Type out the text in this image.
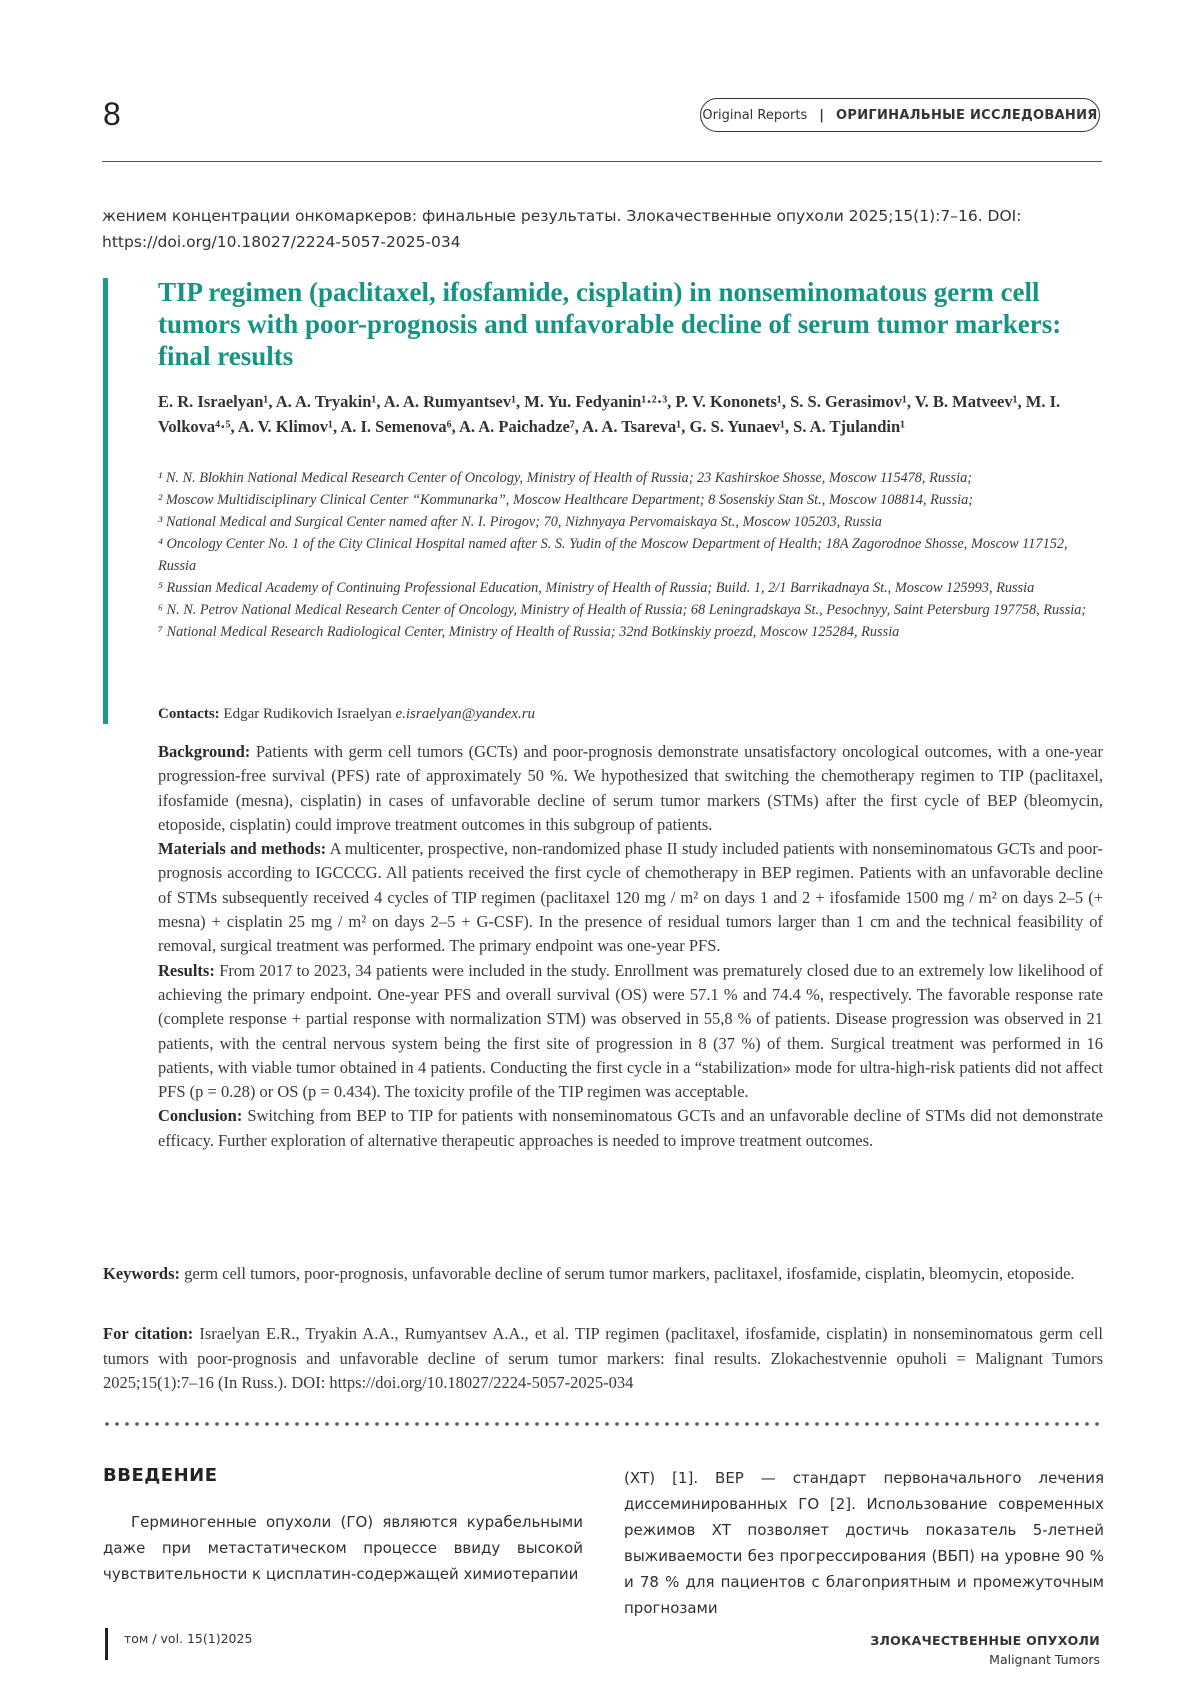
8	Original Reports | ОРИГИНАЛЬНЫЕ ИССЛЕДОВАНИЯ
жением концентрации онкомаркеров: финальные результаты. Злокачественные опухоли 2025;15(1):7–16. DOI: https://doi.org/10.18027/2224-5057-2025-034
TIP regimen (paclitaxel, ifosfamide, cisplatin) in nonseminomatous germ cell tumors with poor-prognosis and unfavorable decline of serum tumor markers: final results
E. R. Israelyan¹, A. A. Tryakin¹, A. A. Rumyantsev¹, M. Yu. Fedyanin¹·²·³, P. V. Kononets¹, S. S. Gerasimov¹, V. B. Matveev¹, M. I. Volkova⁴·⁵, A. V. Klimov¹, A. I. Semenova⁶, A. A. Paichadze⁷, A. A. Tsareva¹, G. S. Yunaev¹, S. A. Tjulandin¹

¹ N. N. Blokhin National Medical Research Center of Oncology, Ministry of Health of Russia; 23 Kashirskoe Shosse, Moscow 115478, Russia;

² Moscow Multidisciplinary Clinical Center “Kommunarka”, Moscow Healthcare Department; 8 Sosenskiy Stan St., Moscow 108814, Russia;

³ National Medical and Surgical Center named after N. I. Pirogov; 70, Nizhnyaya Pervomaiskaya St., Moscow 105203, Russia

⁴ Oncology Center No. 1 of the City Clinical Hospital named after S. S. Yudin of the Moscow Department of Health; 18A Zagorodnoe Shosse, Moscow 117152, Russia

⁵ Russian Medical Academy of Continuing Professional Education, Ministry of Health of Russia; Build. 1, 2/1 Barrikadnaya St., Moscow 125993, Russia

⁶ N. N. Petrov National Medical Research Center of Oncology, Ministry of Health of Russia; 68 Leningradskaya St., Pesochnyy, Saint Petersburg 197758, Russia;

⁷ National Medical Research Radiological Center, Ministry of Health of Russia; 32nd Botkinskiy proezd, Moscow 125284, Russia

Contacts: Edgar Rudikovich Israelyan e.israelyan@yandex.ru

Background: Patients with germ cell tumors (GCTs) and poor-prognosis demonstrate unsatisfactory oncological outcomes, with a one-year progression-free survival (PFS) rate of approximately 50 %. We hypothesized that switching the chemotherapy regimen to TIP (paclitaxel, ifosfamide (mesna), cisplatin) in cases of unfavorable decline of serum tumor markers (STMs) after the first cycle of BEP (bleomycin, etoposide, cisplatin) could improve treatment outcomes in this subgroup of patients.

Materials and methods: A multicenter, prospective, non-randomized phase II study included patients with nonseminomatous GCTs and poor-prognosis according to IGCCCG. All patients received the first cycle of chemotherapy in BEP regimen. Patients with an unfavorable decline of STMs subsequently received 4 cycles of TIP regimen (paclitaxel 120 mg / m² on days 1 and 2 + ifosfamide 1500 mg / m² on days 2–5 (+ mesna) + cisplatin 25 mg / m² on days 2–5 + G-CSF). In the presence of residual tumors larger than 1 cm and the technical feasibility of removal, surgical treatment was performed. The primary endpoint was one-year PFS.

Results: From 2017 to 2023, 34 patients were included in the study. Enrollment was prematurely closed due to an extremely low likelihood of achieving the primary endpoint. One-year PFS and overall survival (OS) were 57.1 % and 74.4 %, respectively. The favorable response rate (complete response + partial response with normalization STM) was observed in 55,8 % of patients. Disease progression was observed in 21 patients, with the central nervous system being the first site of progression in 8 (37 %) of them. Surgical treatment was performed in 16 patients, with viable tumor obtained in 4 patients. Conducting the first cycle in a “stabilization» mode for ultra-high-risk patients did not affect PFS (p = 0.28) or OS (p = 0.434). The toxicity profile of the TIP regimen was acceptable.

Conclusion: Switching from BEP to TIP for patients with nonseminomatous GCTs and an unfavorable decline of STMs did not demonstrate efficacy. Further exploration of alternative therapeutic approaches is needed to improve treatment outcomes.

Keywords: germ cell tumors, poor-prognosis, unfavorable decline of serum tumor markers, paclitaxel, ifosfamide, cisplatin, bleomycin, etoposide.
For citation: Israelyan E.R., Tryakin A.A., Rumyantsev A.A., et al. TIP regimen (paclitaxel, ifosfamide, cisplatin) in nonseminomatous germ cell tumors with poor-prognosis and unfavorable decline of serum tumor markers: final results. Zlokachestvennie opuholi = Malignant Tumors 2025;15(1):7–16 (In Russ.). DOI: https://doi.org/10.18027/2224-5057-2025-034
ВВЕДЕНИЕ
Герминогенные опухоли (ГО) являются курабельными даже при метастатическом процессе ввиду высокой чувствительности к цисплатин-содержащей химиотерапии
(ХТ) [1]. BEP — стандарт первоначального лечения диссеминированных ГО [2]. Использование современных режимов ХТ позволяет достичь показатель 5-летней выживаемости без прогрессирования (ВБП) на уровне 90 % и 78 % для пациентов с благоприятным и промежуточным прогнозами
том / vol. 15(1)2025	ЗЛОКАЧЕСТВЕННЫЕ ОПУХОЛИ
Malignant Tumors
